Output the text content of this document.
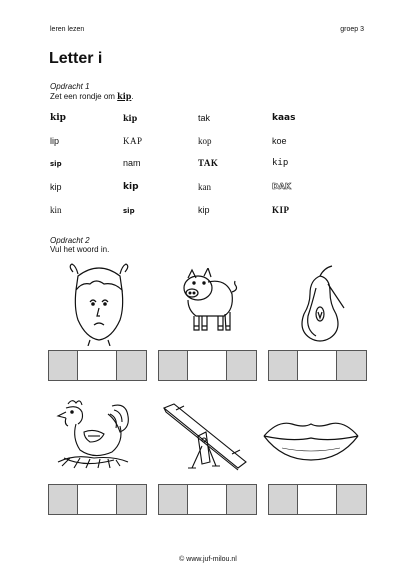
leren lezen	groep 3
Letter i
Opdracht 1
Zet een rondje om kip.
kip	kip	tak	kaas
lip	KAP	kop	koe
sip	nam	TAK	kip
kip	kip	kan	DAK
kin	sip	kip	KIP
Opdracht 2
Vul het woord in.
© www.juf-milou.nl
